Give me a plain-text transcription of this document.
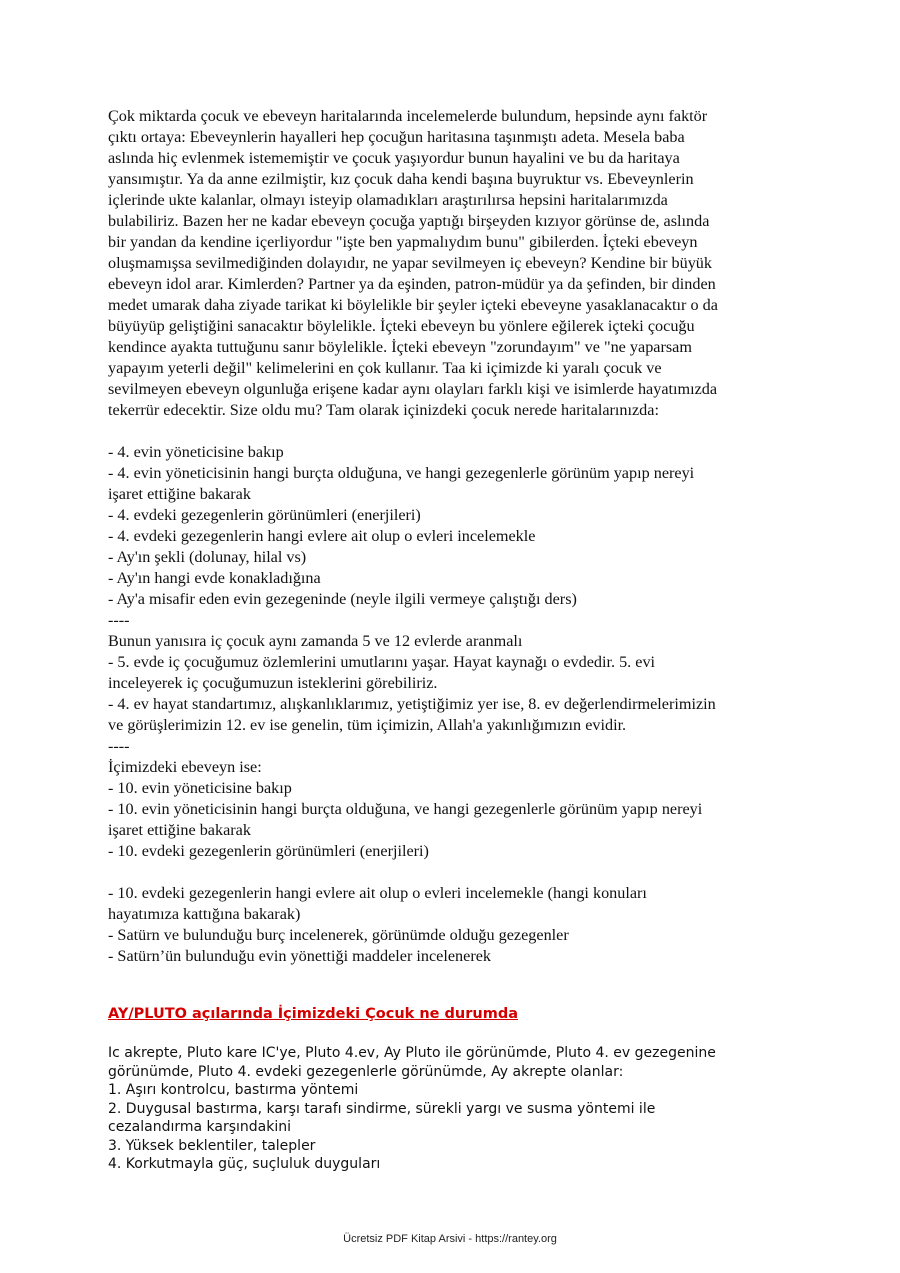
Çok miktarda çocuk ve ebeveyn haritalarında incelemelerde bulundum, hepsinde aynı faktör
çıktı ortaya: Ebeveynlerin hayalleri hep çocuğun haritasına taşınmıştı adeta. Mesela baba
aslında hiç evlenmek istememiştir ve çocuk yaşıyordur bunun hayalini ve bu da haritaya
yansımıştır. Ya da anne ezilmiştir, kız çocuk daha kendi başına buyruktur vs. Ebeveynlerin
içlerinde ukte kalanlar, olmayı isteyip olamadıkları araştırılırsa hepsini haritalarımızda
bulabiliriz. Bazen her ne kadar ebeveyn çocuğa yaptığı birşeyden kızıyor görünse de, aslında
bir yandan da kendine içerliyordur "işte ben yapmalıydım bunu" gibilerden. İçteki ebeveyn
oluşmamışsa sevilmediğinden dolayıdır, ne yapar sevilmeyen iç ebeveyn? Kendine bir büyük
ebeveyn idol arar. Kimlerden? Partner ya da eşinden, patron-müdür ya da şefinden, bir dinden
medet umarak daha ziyade tarikat ki böylelikle bir şeyler içteki ebeveyne yasaklanacaktır o da
büyüyüp geliştiğini sanacaktır böylelikle. İçteki ebeveyn bu yönlere eğilerek içteki çocuğu
kendince ayakta tuttuğunu sanır böylelikle. İçteki ebeveyn "zorundayım" ve "ne yaparsam
yapayım yeterli değil" kelimelerini en çok kullanır. Taa ki içimizde ki yaralı çocuk ve
sevilmeyen ebeveyn olgunluğa erişene kadar aynı olayları farklı kişi ve isimlerde hayatımızda
tekerrür edecektir. Size oldu mu? Tam olarak içinizdeki çocuk nerede haritalarınızda:

- 4. evin yöneticisine bakıp
- 4. evin yöneticisinin hangi burçta olduğuna, ve hangi gezegenlerle görünüm yapıp nereyi
işaret ettiğine bakarak
- 4. evdeki gezegenlerin görünümleri (enerjileri)
- 4. evdeki gezegenlerin hangi evlere ait olup o evleri incelemekle
- Ay'ın şekli (dolunay, hilal vs)
- Ay'ın hangi evde konakladığına
- Ay'a misafir eden evin gezegeninde (neyle ilgili vermeye çalıştığı ders)
----
Bunun yanısıra iç çocuk aynı zamanda 5 ve 12 evlerde aranmalı
- 5. evde iç çocuğumuz özlemlerini umutlarını yaşar. Hayat kaynağı o evdedir. 5. evi
inceleyerek iç çocuğumuzun isteklerini görebiliriz.
- 4. ev hayat standartımız, alışkanlıklarımız, yetiştiğimiz yer ise, 8. ev değerlendirmelerimizin
ve görüşlerimizin 12. ev ise genelin, tüm içimizin, Allah'a yakınlığımızın evidir.
----
İçimizdeki ebeveyn ise:
- 10. evin yöneticisine bakıp
- 10. evin yöneticisinin hangi burçta olduğuna, ve hangi gezegenlerle görünüm yapıp nereyi
işaret ettiğine bakarak
- 10. evdeki gezegenlerin görünümleri (enerjileri)

- 10. evdeki gezegenlerin hangi evlere ait olup o evleri incelemekle (hangi konuları
hayatımıza kattığına bakarak)
- Satürn ve bulunduğu burç incelenerek, görünümde olduğu gezegenler
- Satürn’ün bulunduğu evin yönettiği maddeler incelenerek

AY/PLUTO açılarında İçimizdeki Çocuk ne durumda

Ic akrepte, Pluto kare IC'ye, Pluto 4.ev, Ay Pluto ile görünümde, Pluto 4. ev gezegenine
görünümde, Pluto 4. evdeki gezegenlerle görünümde, Ay akrepte olanlar:
1. Aşırı kontrolcu, bastırma yöntemi
2. Duygusal bastırma, karşı tarafı sindirme, sürekli yargı ve susma yöntemi ile
cezalandırma karşındakini
3. Yüksek beklentiler, talepler
4. Korkutmayla güç, suçluluk duyguları

Ücretsiz PDF Kitap Arsivi - https://rantey.org
